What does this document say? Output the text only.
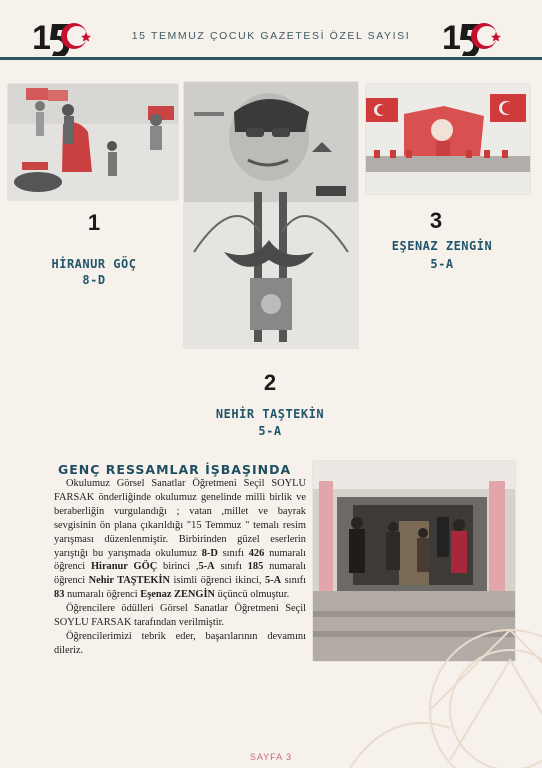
1	15 TEMMUZ ÇOCUK GAZETESİ ÖZEL SAYISI 1
1
HİRANUR GÖÇ
8-D
2
NEHİR TAŞTEKİN
5-A
3
EŞENAZ ZENGİN
5-A
GENÇ RESSAMLAR İŞBAŞINDA

Okulumuz Görsel Sanatlar Öğretmeni Seçil SOYLU FARSAK önderliğinde okulumuz genelinde milli birlik ve beraberliğin vurgulandığı ; vatan ,millet ve bayrak sevgisinin ön plana çıkarıldığı "15 Temmuz " temalı resim yarışması düzenlenmiştir. Birbirinden güzel eserlerin yarıştığı bu yarışmada okulumuz 8-D sınıfı 426 numaralı öğrenci Hiranur GÖÇ birinci ,5-A sınıfı 185 numaralı öğrenci Nehir TAŞTEKİN isimli öğrenci ikinci, 5-A sınıfı 83 numaralı öğrenci Eşenaz ZENGİN üçüncü olmuştur.

Öğrencilere ödülleri Görsel Sanatlar Öğretmeni Seçil SOYLU FARSAK tarafından verilmiştir.

Öğrencilerimizi tebrik eder, başarılarının devamını dileriz.

SAYFA 3
